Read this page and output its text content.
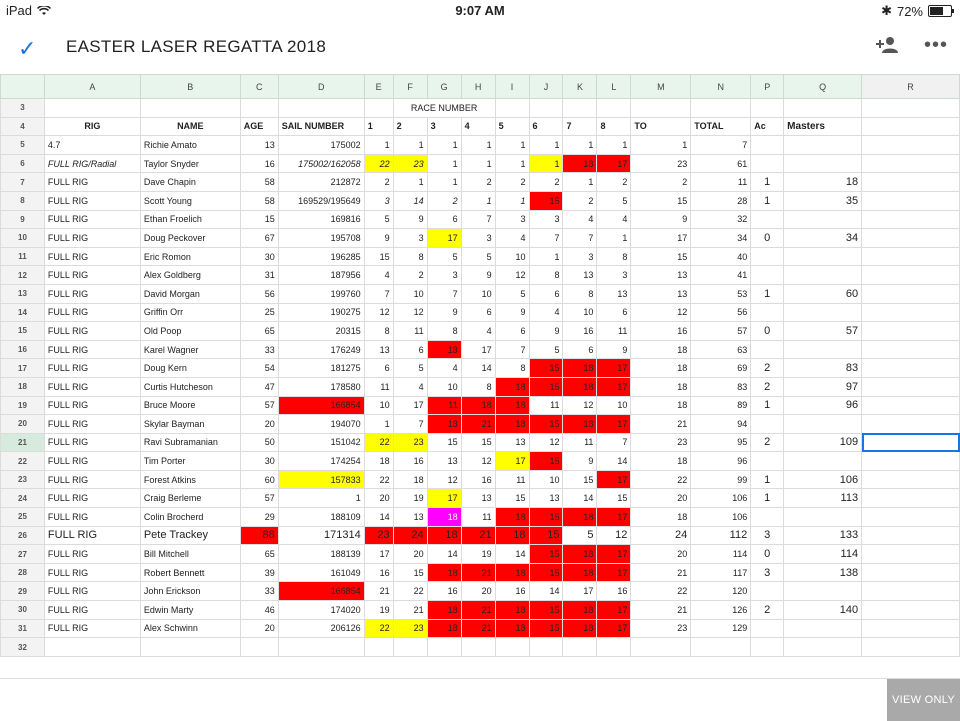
iPad	9:07 AM	✱ 72%
✓ EASTER LASER REGATTA 2018	•••
	A	B	C	D	E	F	G	H	I	J	K	L	M	N	P	Q	R
3						RACE NUMBER											
4	RIG	NAME	AGE	SAIL NUMBER	1	2	3	4	5	6	7	8	TO	TOTAL	Ac	Masters	
5	4.7	Richie Amato	13	175002	1	1	1	1	1	1	1	1	1	7			
6	FULL RIG/Radial	Taylor Snyder	16	175002/162058	22	23	1	1	1	1	18	17	23	61			
7	FULL RIG	Dave Chapin	58	212872	2	1	1	2	2	2	1	2	2	11	1	18	
8	FULL RIG	Scott Young	58	169529/195649	3	14	2	1	1	15	2	5	15	28	1	35	
9	FULL RIG	Ethan Froelich	15	169816	5	9	6	7	3	3	4	4	9	32			
10	FULL RIG	Doug Peckover	67	195708	9	3	17	3	4	7	7	1	17	34	0	34	
11	FULL RIG	Eric Romon	30	196285	15	8	5	5	10	1	3	8	15	40			
12	FULL RIG	Alex Goldberg	31	187956	4	2	3	9	12	8	13	3	13	41			
13	FULL RIG	David Morgan	56	199760	7	10	7	10	5	6	8	13	13	53	1	60	
14	FULL RIG	Griffin Orr	25	190275	12	12	9	6	9	4	10	6	12	56			
15	FULL RIG	Old Poop	65	20315	8	11	8	4	6	9	16	11	16	57	0	57	
16	FULL RIG	Karel Wagner	33	176249	13	6	18	17	7	5	6	9	18	63			
17	FULL RIG	Doug Kern	54	181275	6	5	4	14	8	15	18	17	18	69	2	83	
18	FULL RIG	Curtis Hutcheson	47	178580	11	4	10	8	18	15	18	17	18	83	2	97	
19	FULL RIG	Bruce Moore	57	166854	10	17	11	18	18	11	12	10	18	89	1	96	
20	FULL RIG	Skylar Bayman	20	194070	1	7	18	21	18	15	18	17	21	94			
21	FULL RIG	Ravi Subramanian	50	151042	22	23	15	15	13	12	11	7	23	95	2	109	
22	FULL RIG	Tim Porter	30	174254	18	16	13	12	17	15	9	14	18	96			
23	FULL RIG	Forest Atkins	60	157833	22	18	12	16	11	10	15	17	22	99	1	106	
24	FULL RIG	Craig Berleme	57	1	20	19	17	13	15	13	14	15	20	106	1	113	
25	FULL RIG	Colin Brocherd	29	188109	14	13	18	11	18	15	18	17	18	106			
26	FULL RIG	Pete Trackey	88	171314	23	24	18	21	18	15	5	12	24	112	3	133	
27	FULL RIG	Bill Mitchell	65	188139	17	20	14	19	14	15	18	17	20	114	0	114	
28	FULL RIG	Robert Bennett	39	161049	16	15	18	21	18	15	18	17	21	117	3	138	
29	FULL RIG	John Erickson	33	166854	21	22	16	20	16	14	17	16	22	120			
30	FULL RIG	Edwin Marty	46	174020	19	21	18	21	18	15	18	17	21	126	2	140	
31	FULL RIG	Alex Schwinn	20	206126	22	23	18	21	18	15	18	17	23	129			
32																	
VIEW ONLY
